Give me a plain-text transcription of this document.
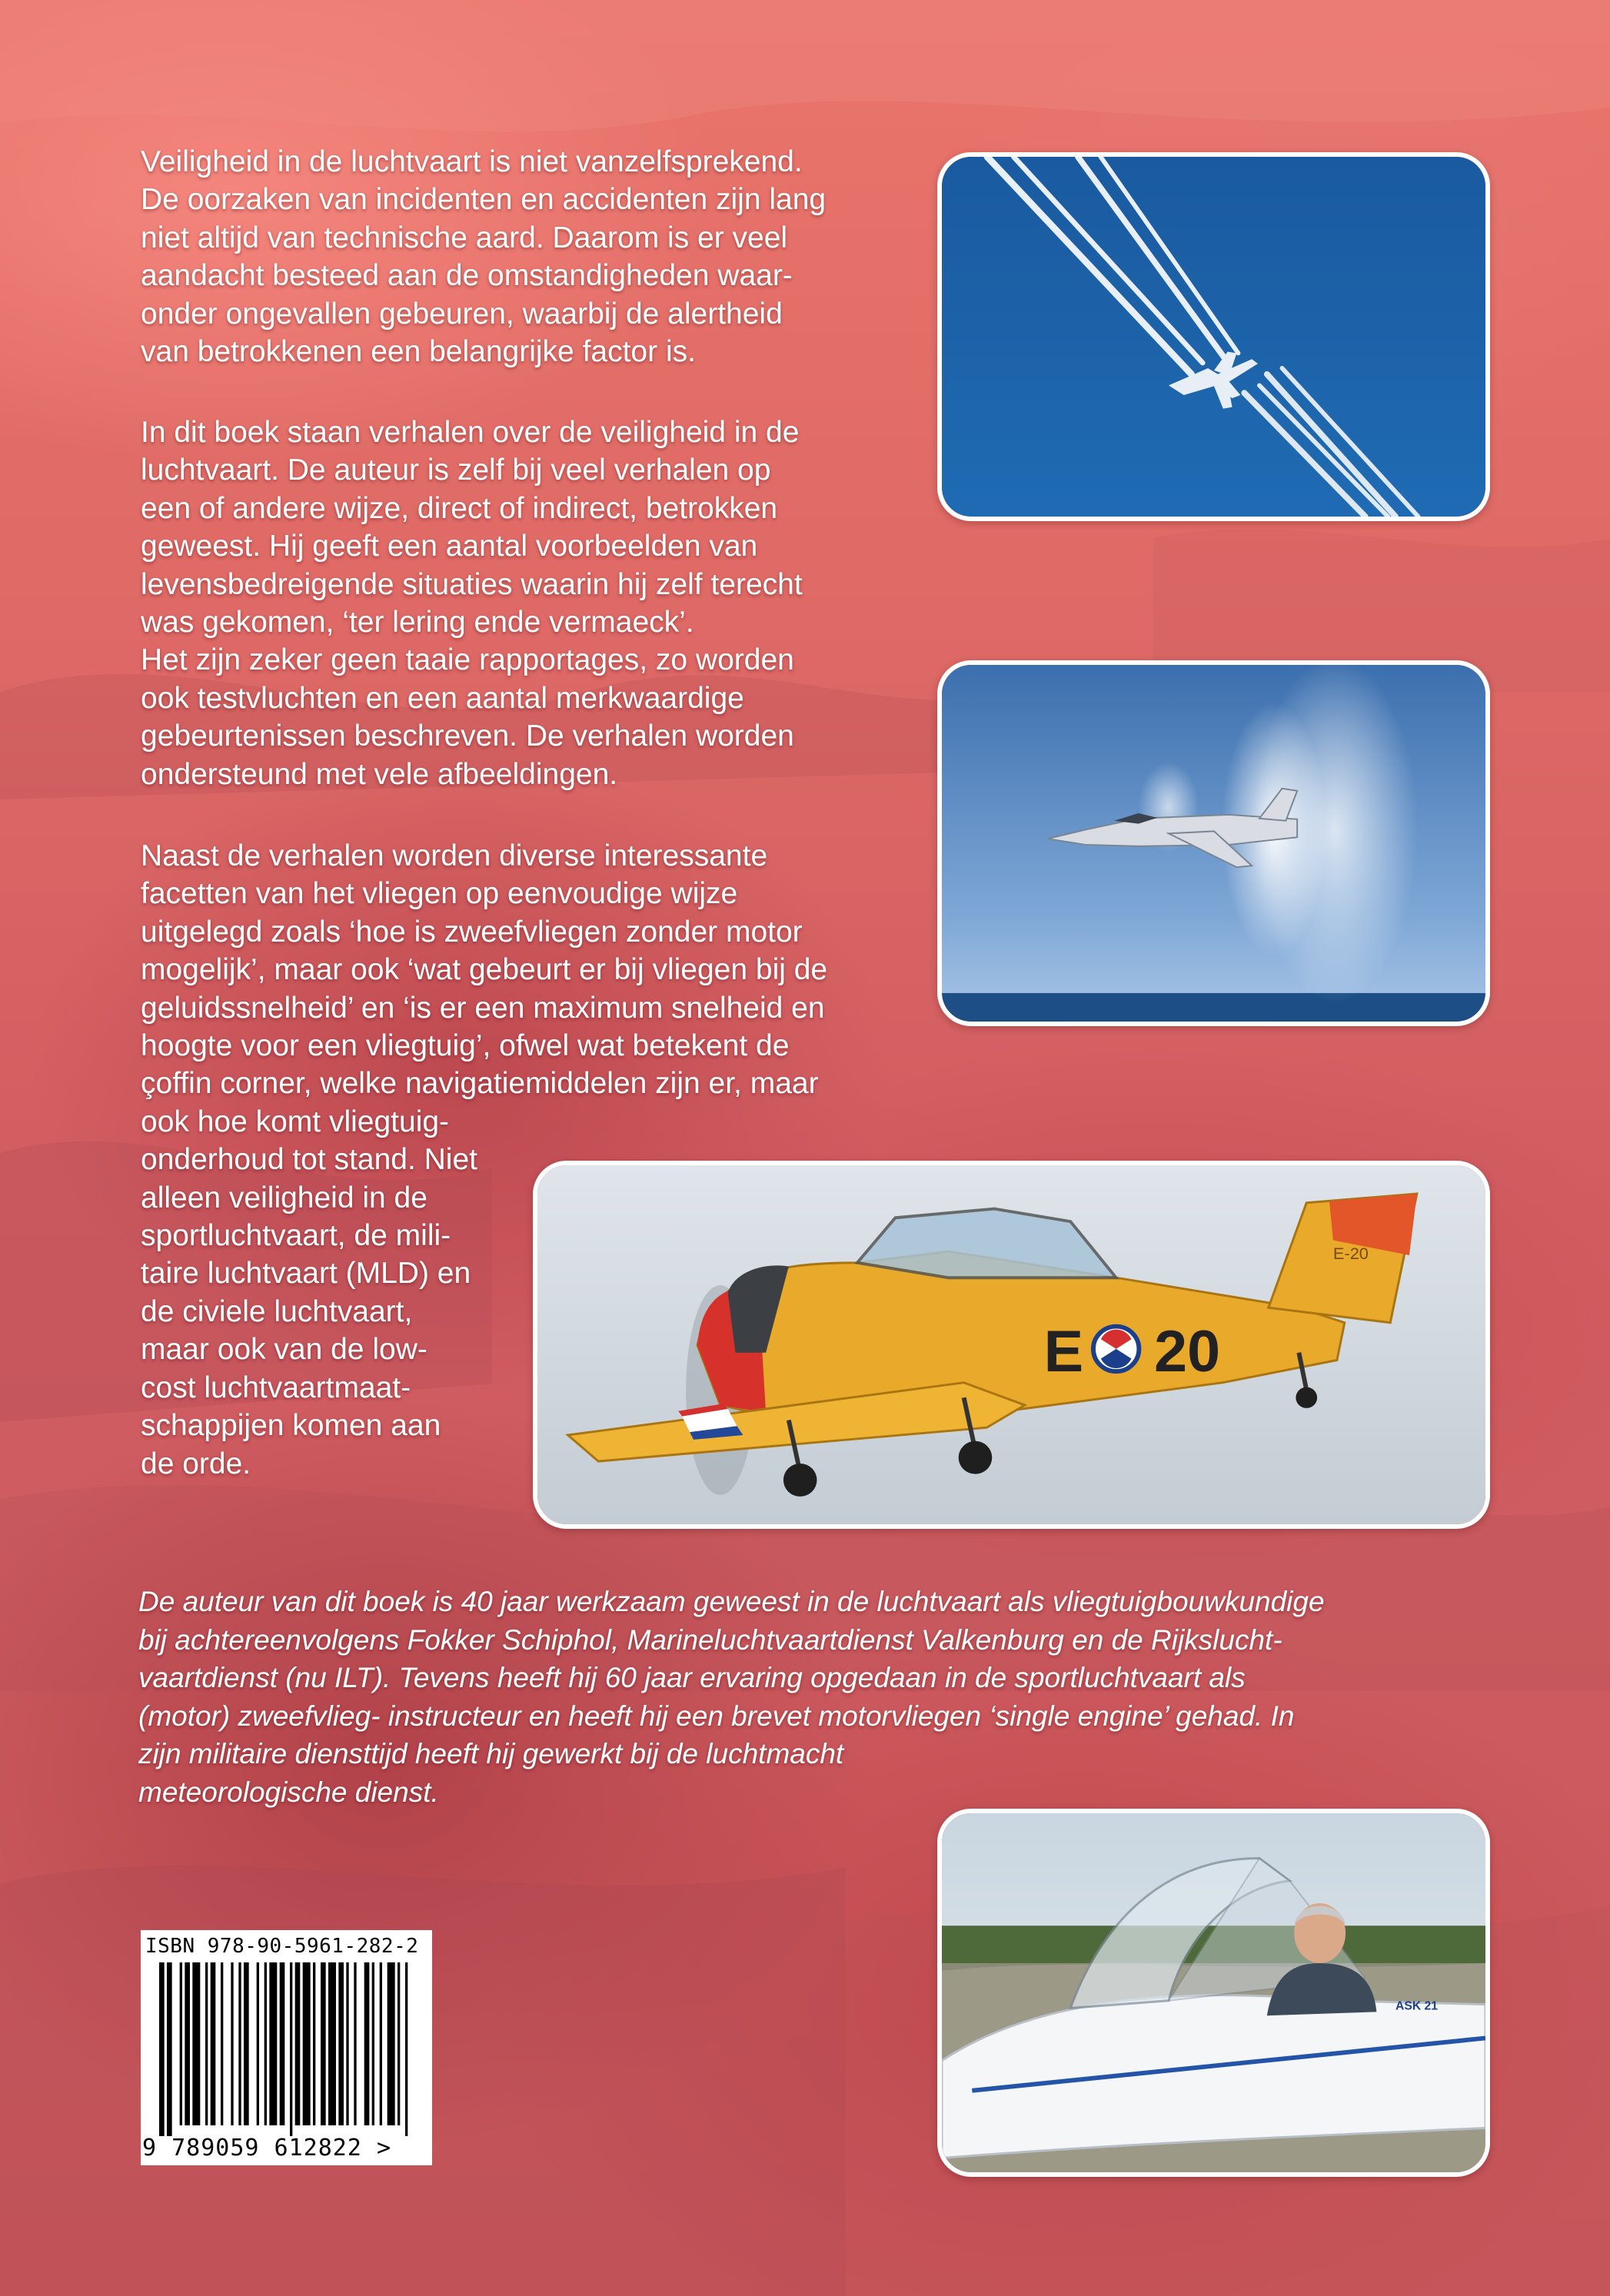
Veiligheid in de luchtvaart is niet vanzelfsprekend.
De oorzaken van incidenten en accidenten zijn lang
niet altijd van technische aard. Daarom is er veel
aandacht besteed aan de omstandigheden waar-
onder ongevallen gebeuren, waarbij de alertheid
van betrokkenen een belangrijke factor is.

In dit boek staan verhalen over de veiligheid in de
luchtvaart. De auteur is zelf bij veel verhalen op
een of andere wijze, direct of indirect, betrokken
geweest. Hij geeft een aantal voorbeelden van
levensbedreigende situaties waarin hij zelf terecht
was gekomen, ‘ter lering ende vermaeck’.
Het zijn zeker geen taaie rapportages, zo worden
ook testvluchten en een aantal merkwaardige
gebeurtenissen beschreven. De verhalen worden
ondersteund met vele afbeeldingen.

Naast de verhalen worden diverse interessante
facetten van het vliegen op eenvoudige wijze
uitgelegd zoals ‘hoe is zweefvliegen zonder motor
mogelijk’, maar ook ‘wat gebeurt er bij vliegen bij de
geluidssnelheid’ en ‘is er een maximum snelheid en
hoogte voor een vliegtuig’, ofwel wat betekent de
çoffin corner, welke navigatiemiddelen zijn er, maar
ook hoe komt vliegtuig-
onderhoud tot stand. Niet
alleen veiligheid in de
sportluchtvaart, de mili-
taire luchtvaart (MLD) en
de civiele luchtvaart,
maar ook van de low-
cost luchtvaartmaat-
schappijen komen aan
de orde.

E 20
E-20

De auteur van dit boek is 40 jaar werkzaam geweest in de luchtvaart als vliegtuigbouwkundige
bij achtereenvolgens Fokker Schiphol, Marineluchtvaartdienst Valkenburg en de Rijkslucht-
vaartdienst (nu ILT). Tevens heeft hij 60 jaar ervaring opgedaan in de sportluchtvaart als
(motor) zweefvlieg- instructeur en heeft hij een brevet motorvliegen ‘single engine’ gehad. In
zijn militaire diensttijd heeft hij gewerkt bij de luchtmacht
meteorologische dienst.

ASK 21
ISBN 978-90-5961-282-2
9 789059 612822 >
